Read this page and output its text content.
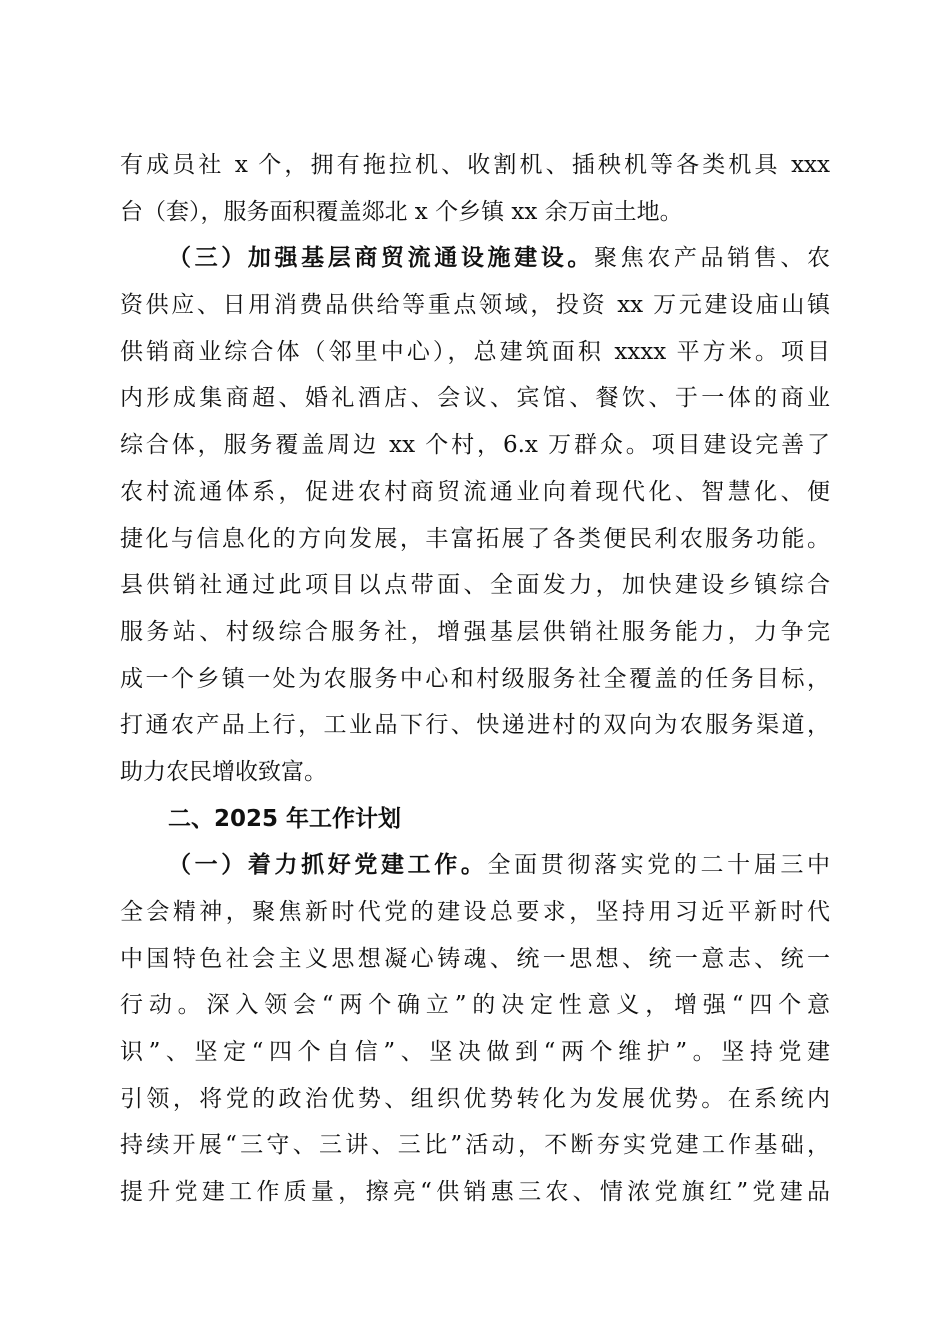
有成员社 x 个，拥有拖拉机、收割机、插秧机等各类机具 xxx
台（套），服务面积覆盖郯北 x 个乡镇 xx 余万亩土地。
（三）加强基层商贸流通设施建设。聚焦农产品销售、农
资供应、日用消费品供给等重点领域，投资 xx 万元建设庙山镇
供销商业综合体（邻里中心），总建筑面积 xxxx 平方米。项目
内形成集商超、婚礼酒店、会议、宾馆、餐饮、于一体的商业
综合体，服务覆盖周边 xx 个村，6.x 万群众。项目建设完善了
农村流通体系，促进农村商贸流通业向着现代化、智慧化、便
捷化与信息化的方向发展，丰富拓展了各类便民利农服务功能。
县供销社通过此项目以点带面、全面发力，加快建设乡镇综合
服务站、村级综合服务社，增强基层供销社服务能力，力争完
成一个乡镇一处为农服务中心和村级服务社全覆盖的任务目标，
打通农产品上行，工业品下行、快递进村的双向为农服务渠道，
助力农民增收致富。
二、2025 年工作计划
（一）着力抓好党建工作。全面贯彻落实党的二十届三中
全会精神，聚焦新时代党的建设总要求，坚持用习近平新时代
中国特色社会主义思想凝心铸魂、统一思想、统一意志、统一
行动。深入领会“两个确立”的决定性意义，增强“四个意
识”、坚定“四个自信”、坚决做到“两个维护”。坚持党建
引领，将党的政治优势、组织优势转化为发展优势。在系统内
持续开展“三守、三讲、三比”活动，不断夯实党建工作基础，
提升党建工作质量，擦亮“供销惠三农、情浓党旗红”党建品
